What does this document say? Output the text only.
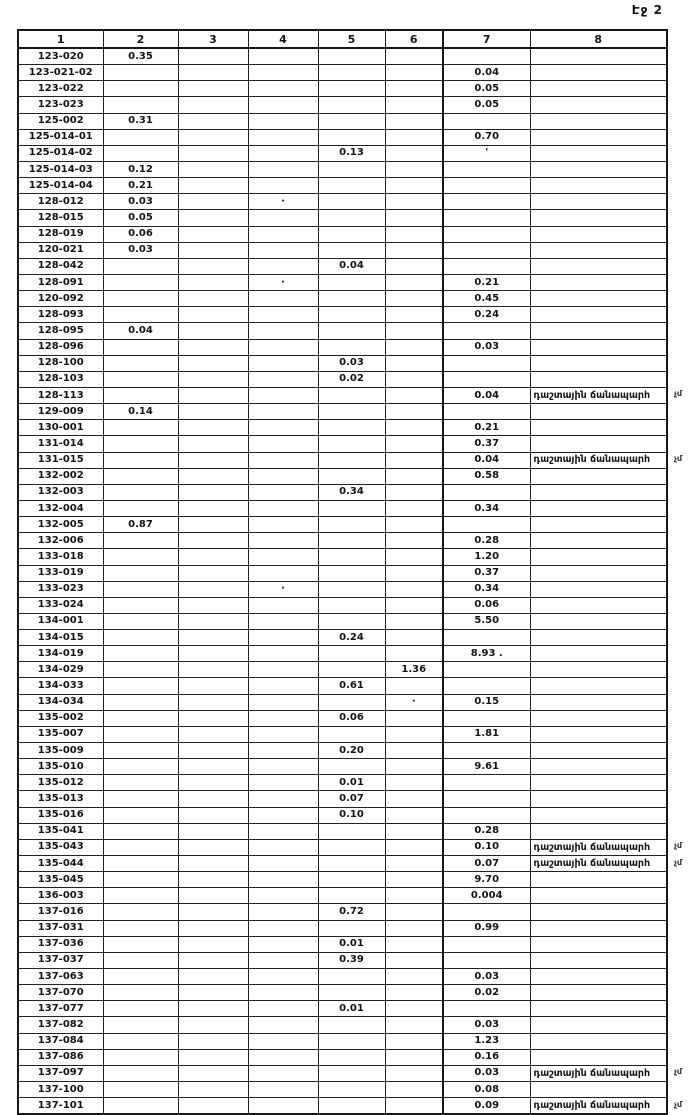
Էջ 2
1	2	3	4	5	6	7	8
123-020	0.35						
123-021-02						0.04	
123-022						0.05	
123-023						0.05	
125-002	0.31						
125-014-01						0.70	
125-014-02				0.13		'	
125-014-03	0.12						
125-014-04	0.21						
128-012	0.03		·				
128-015	0.05						
128-019	0.06						
120-021	0.03						
128-042				0.04			
128-091			·			0.21	
120-092						0.45	
128-093						0.24	
128-095	0.04						
128-096						0.03	
128-100				0.03			
128-103				0.02			
128-113						0.04	դաշտային ճանապարհ
129-009	0.14						
130-001						0.21	
131-014						0.37	
131-015						0.04	դաշտային ճանապարհ
132-002						0.58	
132-003				0.34			
132-004						0.34	
132-005	0.87						
132-006						0.28	
133-018						1.20	
133-019						0.37	
133-023			·			0.34	
133-024						0.06	
134-001						5.50	
134-015				0.24			
134-019						8.93 .	
134-029					1.36		
134-033				0.61			
134-034					·	0.15	
135-002				0.06			
135-007						1.81	
135-009				0.20			
135-010						9.61	
135-012				0.01			
135-013				0.07			
135-016				0.10			
135-041						0.28	
135-043						0.10	դաշտային ճանապարհ
135-044						0.07	դաշտային ճանապարհ
135-045						9.70	
136-003						0.004	
137-016				0.72			
137-031						0.99	
137-036				0.01			
137-037				0.39			
137-063						0.03	
137-070						0.02	
137-077				0.01			
137-082						0.03	
137-084						1.23	
137-086						0.16	
137-097						0.03	դաշտային ճանապարհ
137-100						0.08	
137-101						0.09	դաշտային ճանապարհ
չմ
չմ
չմ
չմ
չմ
չմ
